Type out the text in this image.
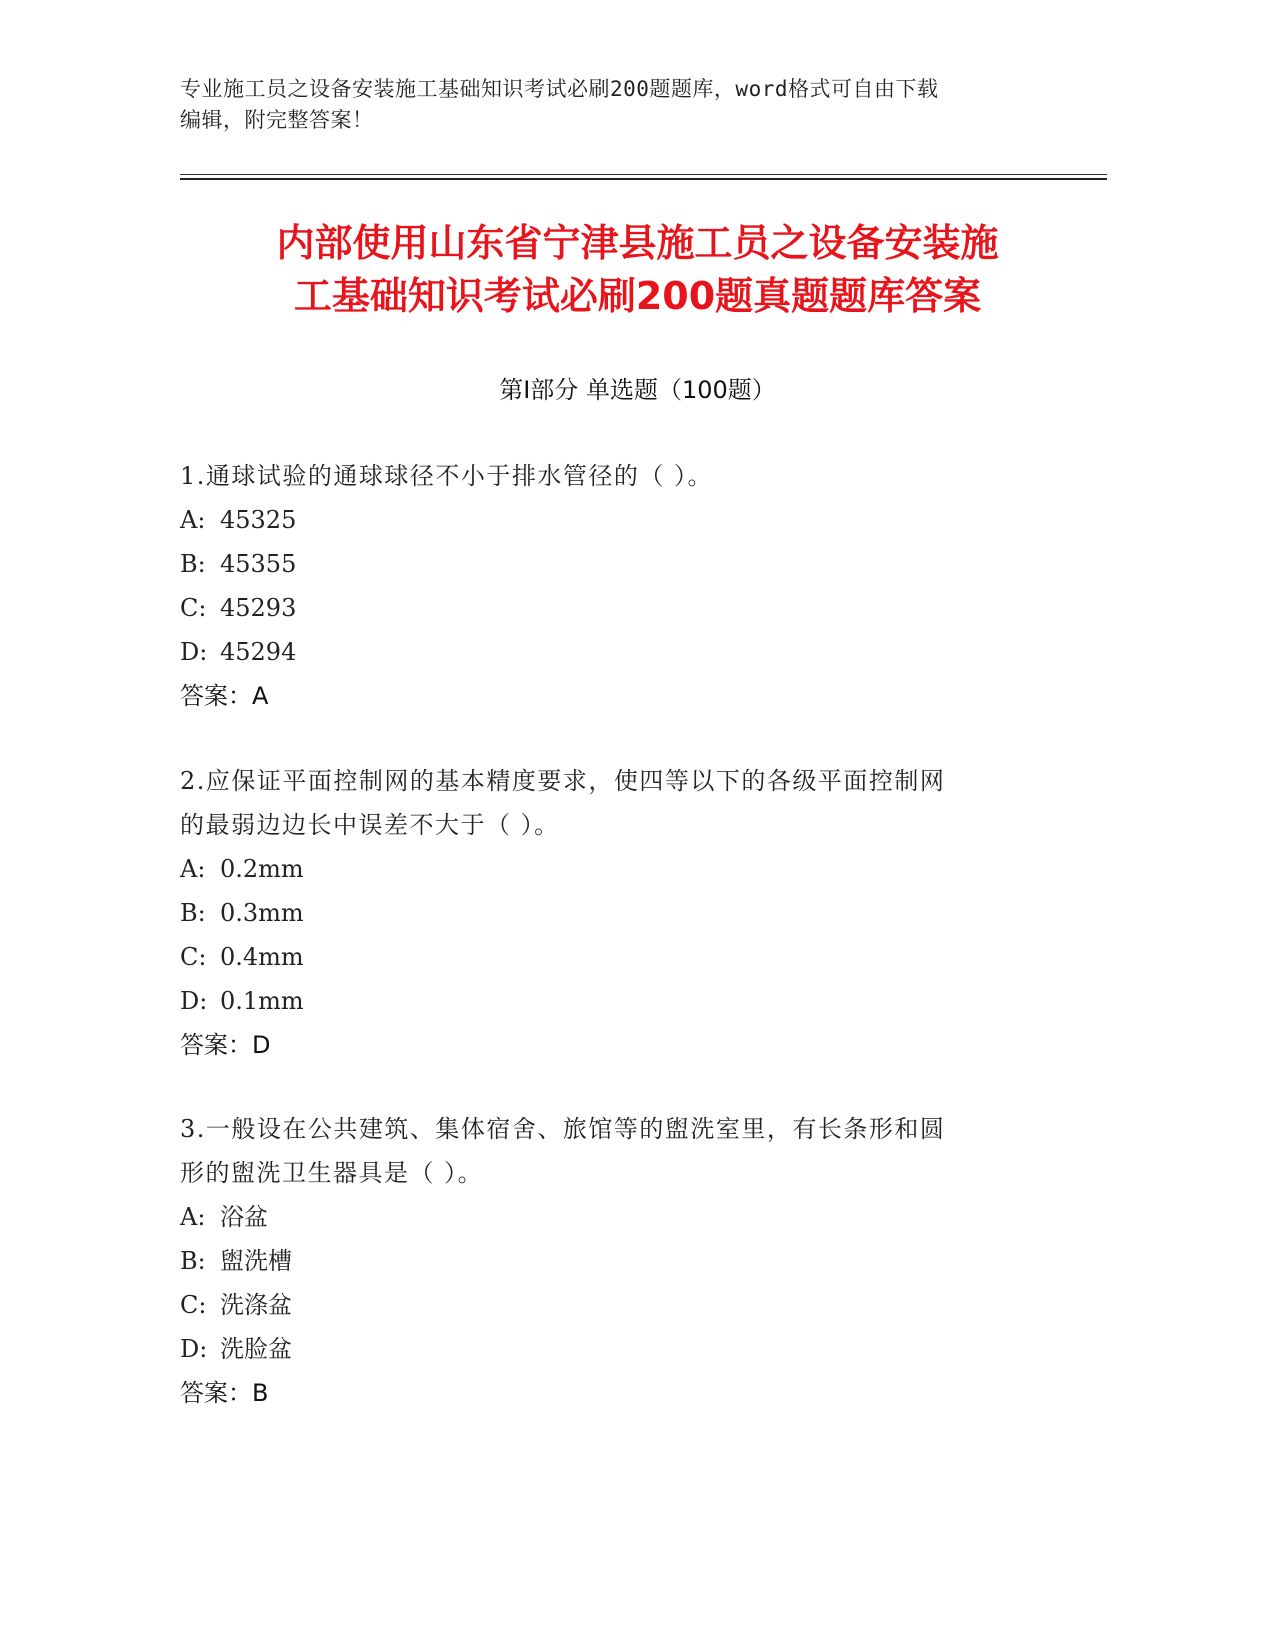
专业施工员之设备安装施工基础知识考试必刷200题题库，word格式可自由下载
编辑，附完整答案！
内部使用山东省宁津县施工员之设备安装施
工基础知识考试必刷200题真题题库答案
第Ⅰ部分 单选题（100题）
1.通球试验的通球球径不小于排水管径的（ ）。
A: 45325
B: 45355
C: 45293
D: 45294
答案：A
2.应保证平面控制网的基本精度要求，使四等以下的各级平面控制网
的最弱边边长中误差不大于（ ）。
A: 0.2mm
B: 0.3mm
C: 0.4mm
D: 0.1mm
答案：D
3.一般设在公共建筑、集体宿舍、旅馆等的盥洗室里，有长条形和圆
形的盥洗卫生器具是（ ）。
A: 浴盆
B: 盥洗槽
C: 洗涤盆
D: 洗脸盆
答案：B
